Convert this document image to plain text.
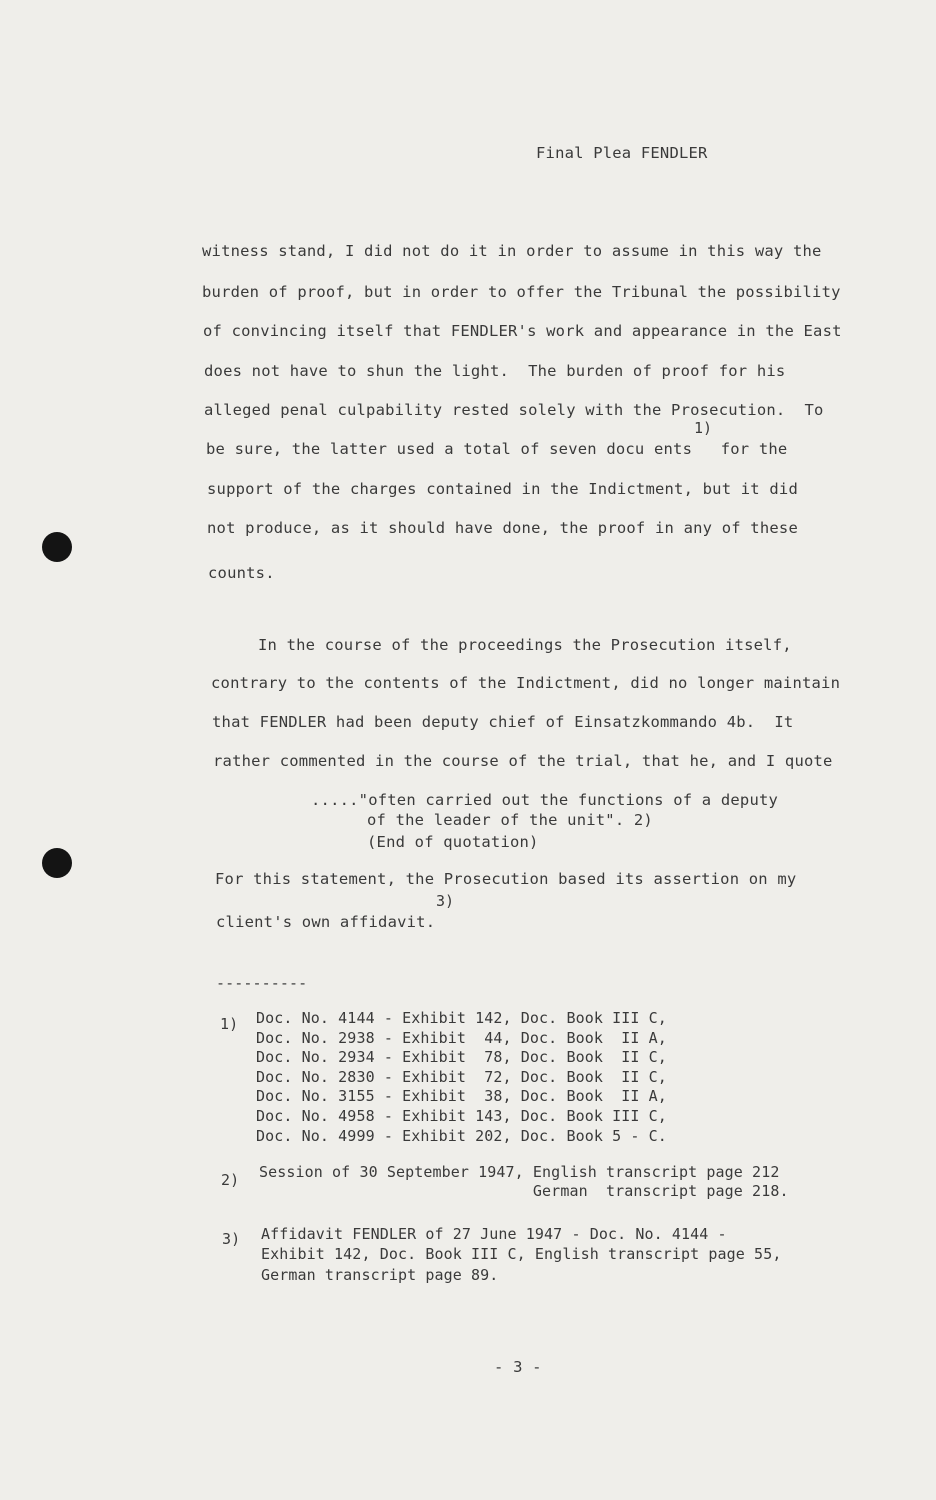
Final Plea FENDLER
witness stand, I did not do it in order to assume in this way the
burden of proof, but in order to offer the Tribunal the possibility
of convincing itself that FENDLER's work and appearance in the East
does not have to shun the light.  The burden of proof for his
alleged penal culpability rested solely with the Prosecution.  To
1)
be sure, the latter used a total of seven docu ents   for the
support of the charges contained in the Indictment, but it did
not produce, as it should have done, the proof in any of these
counts.
In the course of the proceedings the Prosecution itself,
contrary to the contents of the Indictment, did no longer maintain
that FENDLER had been deputy chief of Einsatzkommando 4b.  It
rather commented in the course of the trial, that he, and I quote
....."often carried out the functions of a deputy
of the leader of the unit". 2)
(End of quotation)
For this statement, the Prosecution based its assertion on my
3)
client's own affidavit.
----------
1) Doc. No. 4144 - Exhibit 142, Doc. Book III C,
Doc. No. 2938 - Exhibit  44, Doc. Book  II A,
Doc. No. 2934 - Exhibit  78, Doc. Book  II C,
Doc. No. 2830 - Exhibit  72, Doc. Book  II C,
Doc. No. 3155 - Exhibit  38, Doc. Book  II A,
Doc. No. 4958 - Exhibit 143, Doc. Book III C,
Doc. No. 4999 - Exhibit 202, Doc. Book 5 - C.
2) Session of 30 September 1947, English transcript page 212
German  transcript page 218.
3) Affidavit FENDLER of 27 June 1947 - Doc. No. 4144 -
Exhibit 142, Doc. Book III C, English transcript page 55,
German transcript page 89.
- 3 -
